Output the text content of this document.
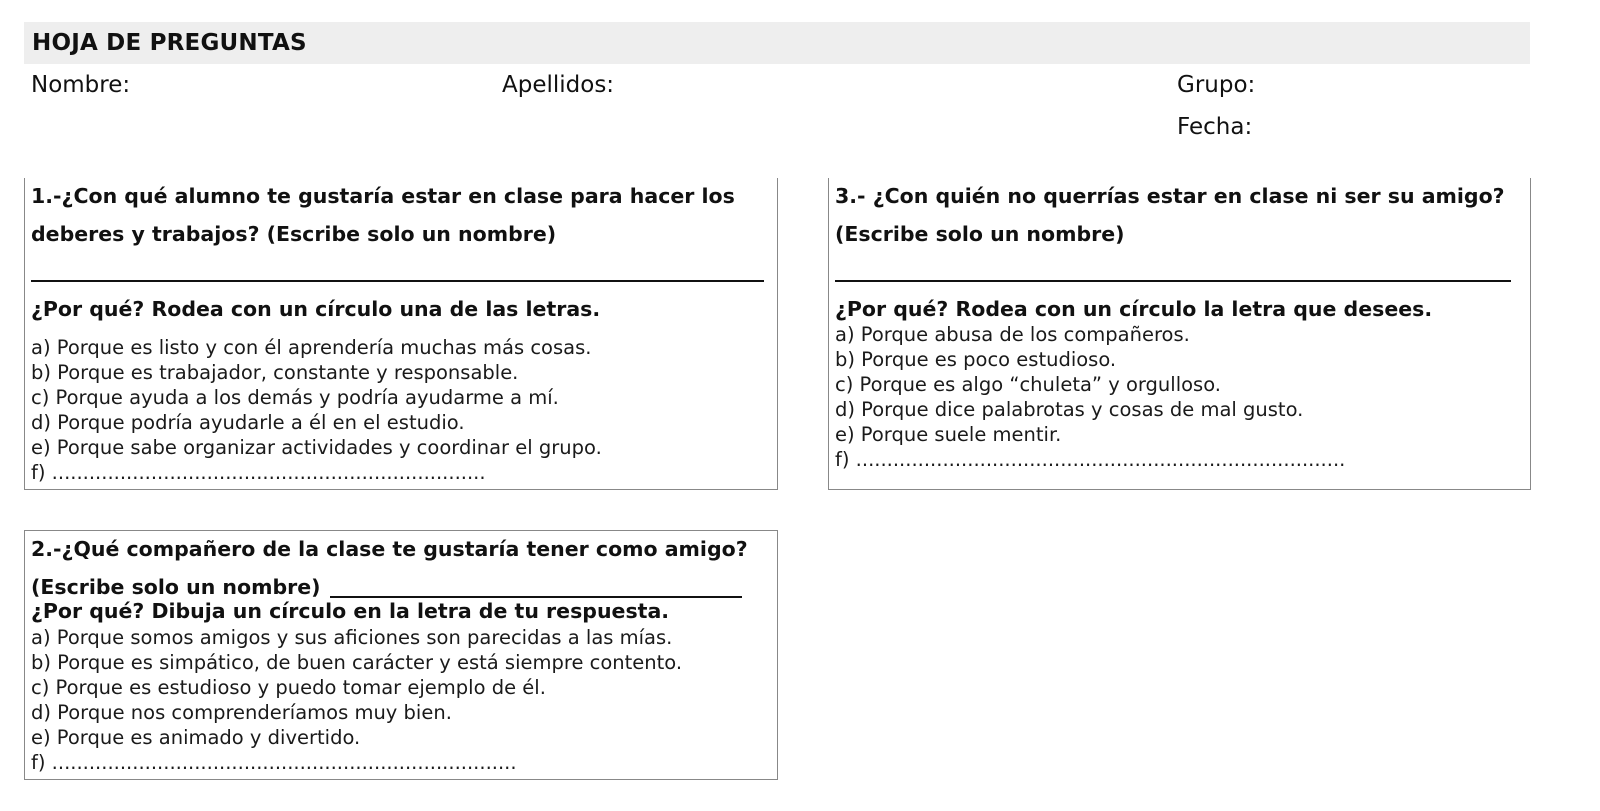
HOJA DE PREGUNTAS
Nombre:	Apellidos:	Grupo:
Fecha:
1.-¿Con qué alumno te gustaría estar en clase para hacer los
deberes y trabajos? (Escribe solo un nombre)
¿Por qué? Rodea con un círculo una de las letras.
a) Porque es listo y con él aprendería muchas más cosas.
b) Porque es trabajador, constante y responsable.
c) Porque ayuda a los demás y podría ayudarme a mí.
d) Porque podría ayudarle a él en el estudio.
e) Porque sabe organizar actividades y coordinar el grupo.
f) ......................................................................
3.- ¿Con quién no querrías estar en clase ni ser su amigo?
(Escribe solo un nombre)
¿Por qué? Rodea con un círculo la letra que desees.
a) Porque abusa de los compañeros.
b) Porque es poco estudioso.
c) Porque es algo “chuleta” y orgulloso.
d) Porque dice palabrotas y cosas de mal gusto.
e) Porque suele mentir.
f) ...............................................................................
2.-¿Qué compañero de la clase te gustaría tener como amigo?
(Escribe solo un nombre)
¿Por qué? Dibuja un círculo en la letra de tu respuesta.
a) Porque somos amigos y sus aficiones son parecidas a las mías.
b) Porque es simpático, de buen carácter y está siempre contento.
c) Porque es estudioso y puedo tomar ejemplo de él.
d) Porque nos comprenderíamos muy bien.
e) Porque es animado y divertido.
f) ...........................................................................
